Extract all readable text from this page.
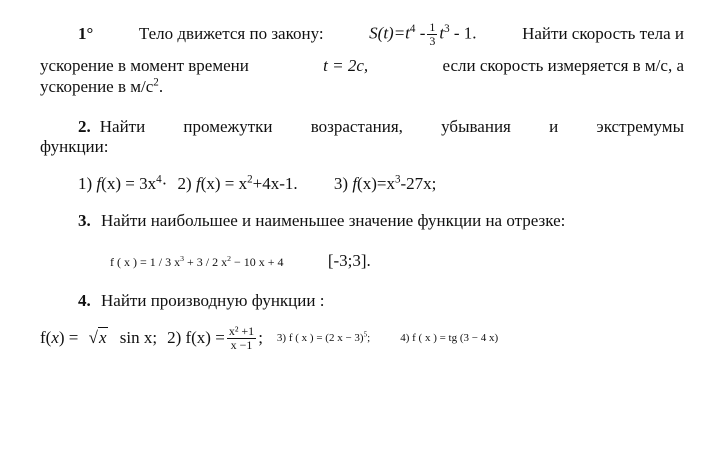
1°	Тело движется по закону:	$S(t)=t^4 - \frac{1}{3} t^3 - 1$.	Найти скорость тела и
ускорение в момент времени	t = 2с,	если скорость измеряется в м/с, а
ускорение в $м/с^2$.
2. Найти промежутки возрастания, убывания и экстремумы
функции:
1) $f(x) = 3x^4\cdot 2$) $f(x) = x^2+4x-1$. 3) $f(x)=x^3-27x$;
3. Найти наибольшее и наименьшее значение функции на отрезке:
f ( x ) = 1 / 3 $x^3 + 3 / 2$ $x^2 - 10$ x + 4	[-3;3].
4. Найти производную функции :
f(x) = √x sin x; 2) $f(x) = \frac{\text{x² +1}}{x -1}$ ; 3) f ( x ) = (2 x − 3)$^5$;	4) f ( x ) = tg (3 − 4 x)
